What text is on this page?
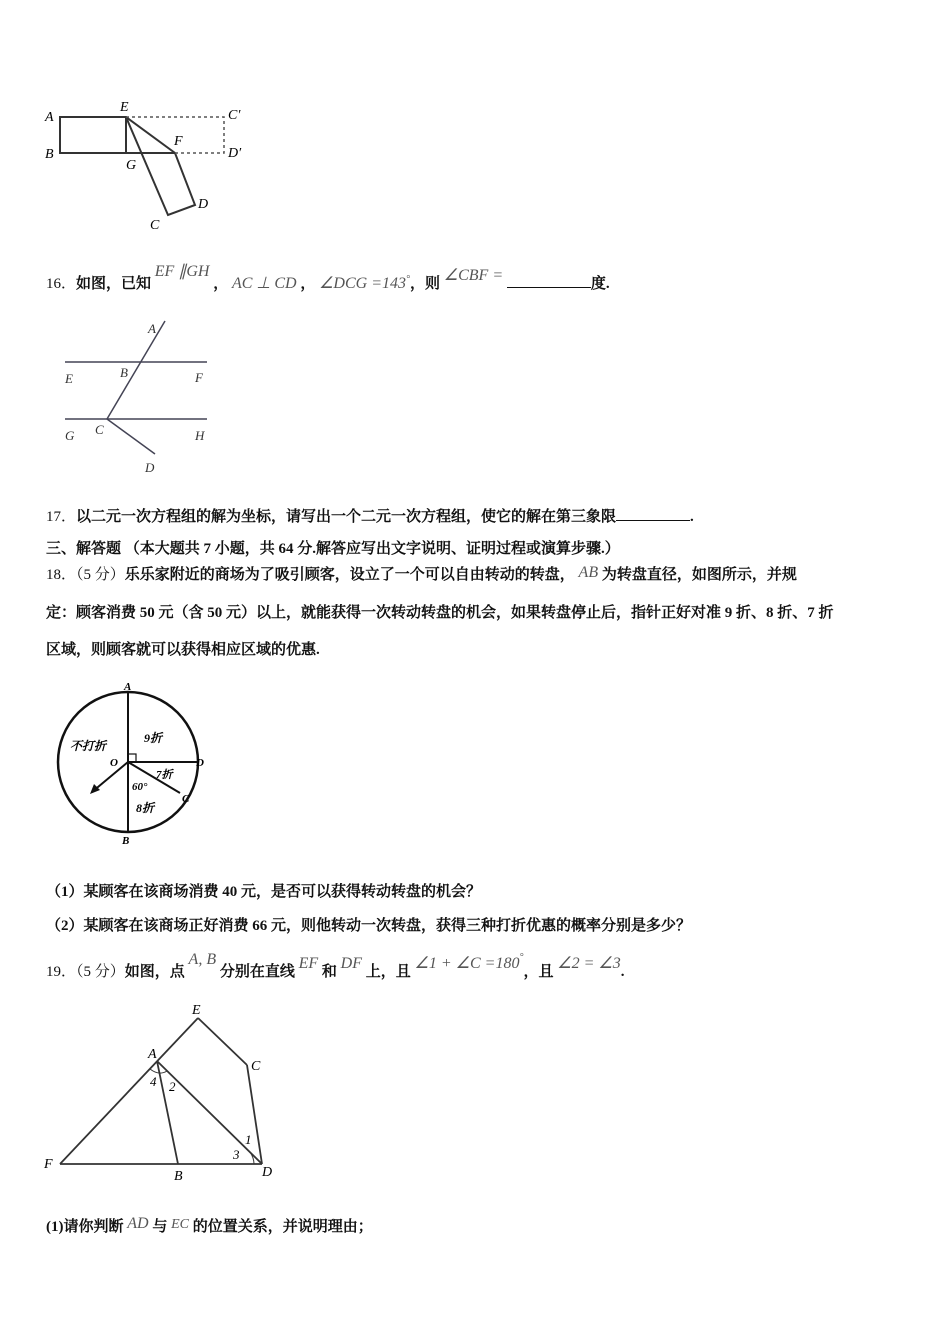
A
B
E
C′
D′
F
G
C
D
16．如图，已知 EF ∥GH ， AC ⊥ CD ， ∠DCG =143°，则 ∠CBF =	度.
A
B
E	F
G C	H
D
17．以二元一次方程组的解为坐标，请写出一个二元一次方程组，使它的解在第三象限	.
三、解答题 （本大题共 7 小题，共 64 分.解答应写出文字说明、证明过程或演算步骤.）
18．（5 分）乐乐家附近的商场为了吸引顾客，设立了一个可以自由转动的转盘， AB 为转盘直径，如图所示，并规
定：顾客消费 50 元（含 50 元）以上，就能获得一次转动转盘的机会，如果转盘停止后，指针正好对准 9 折、8 折、7 折
区域，则顾客就可以获得相应区域的优惠.
A
B
D
C
O
不打折
9折
7折
60°
8折
（1）某顾客在该商场消费 40 元，是否可以获得转动转盘的机会？
（2）某顾客在该商场正好消费 66 元，则他转动一次转盘，获得三种打折优惠的概率分别是多少？
19．（5 分）如图，点 A, B 分别在直线 EF 和 DF 上，且 ∠1 + ∠C =180°，且 ∠2 = ∠3.
E
A
C
F
B	D
1
2
3
4
(1)请你判断 AD 与 EC 的位置关系，并说明理由；
